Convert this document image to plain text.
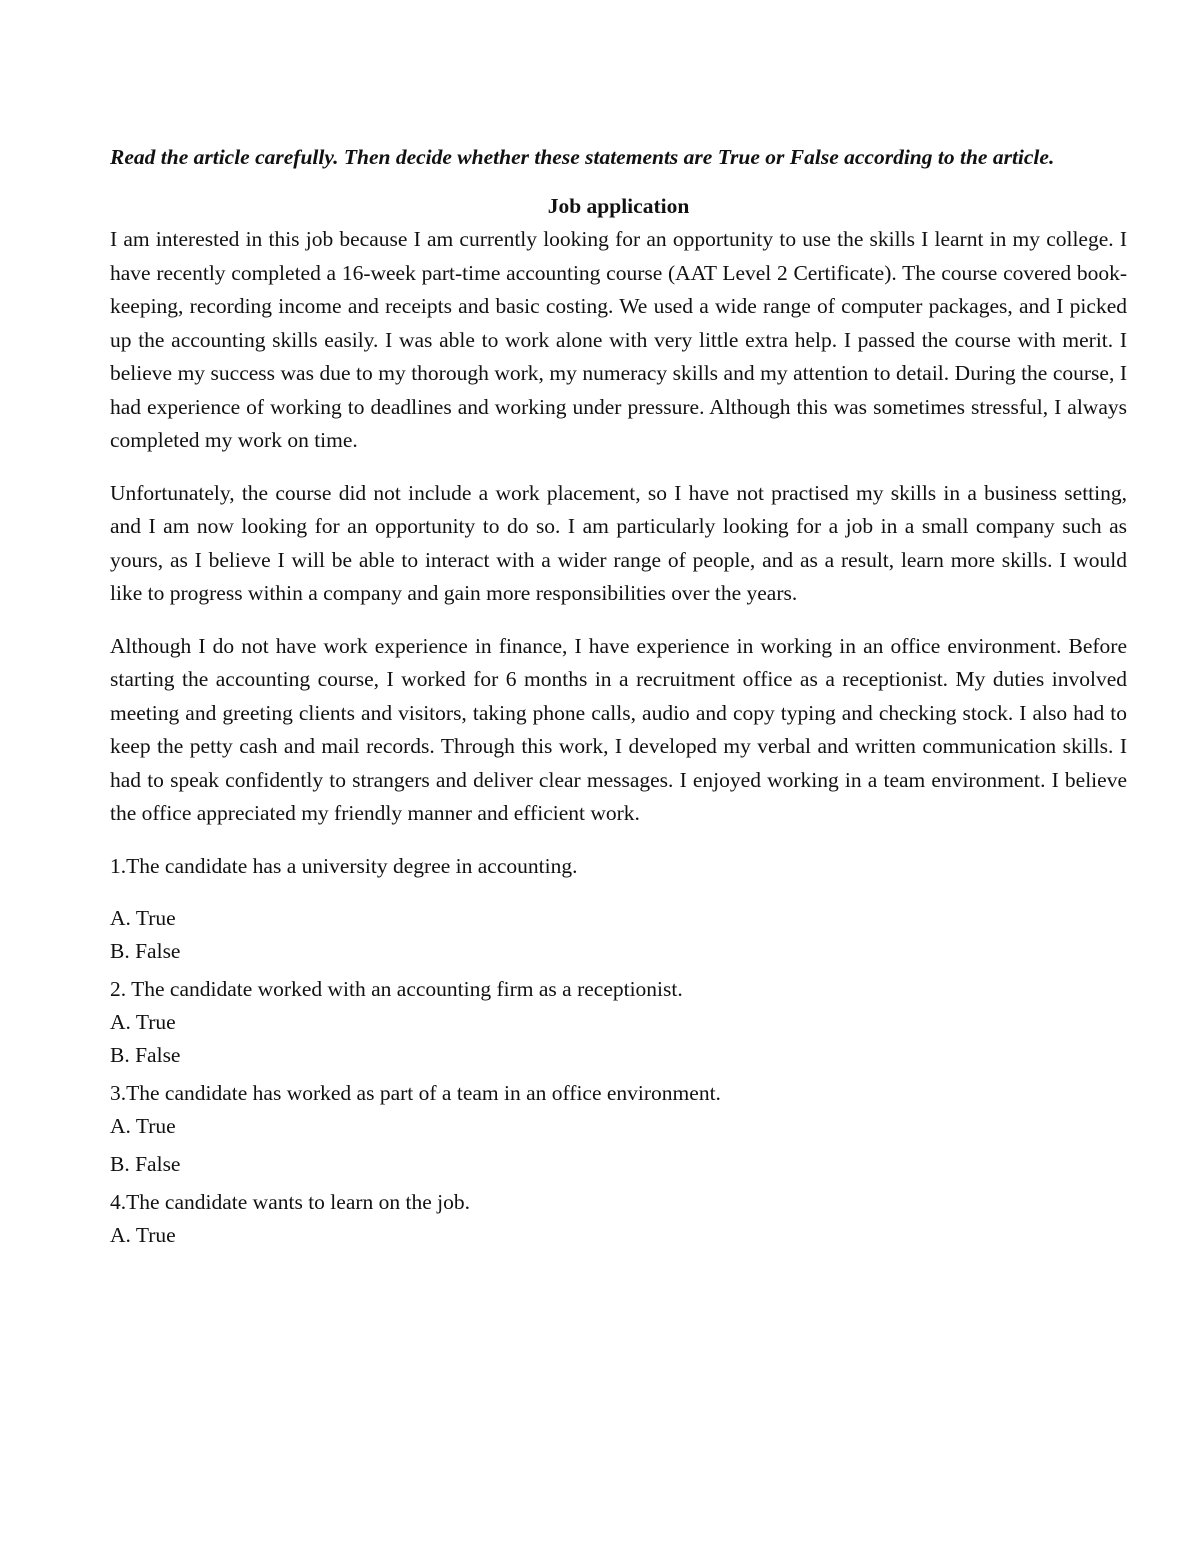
Read the article carefully. Then decide whether these statements are True or False according to the article.

Job application

I am interested in this job because I am currently looking for an opportunity to use the skills I learnt in my college. I have recently completed a 16-week part-time accounting course (AAT Level 2 Certificate). The course covered book-keeping, recording income and receipts and basic costing. We used a wide range of computer packages, and I picked up the accounting skills easily. I was able to work alone with very little extra help. I passed the course with merit. I believe my success was due to my thorough work, my numeracy skills and my attention to detail. During the course, I had experience of working to deadlines and working under pressure. Although this was sometimes stressful, I always completed my work on time.

Unfortunately, the course did not include a work placement, so I have not practised my skills in a business setting, and I am now looking for an opportunity to do so. I am particularly looking for a job in a small company such as yours, as I believe I will be able to interact with a wider range of people, and as a result, learn more skills. I would like to progress within a company and gain more responsibilities over the years.

Although I do not have work experience in finance, I have experience in working in an office environment. Before starting the accounting course, I worked for 6 months in a recruitment office as a receptionist. My duties involved meeting and greeting clients and visitors, taking phone calls, audio and copy typing and checking stock. I also had to keep the petty cash and mail records. Through this work, I developed my verbal and written communication skills. I had to speak confidently to strangers and deliver clear messages. I enjoyed working in a team environment. I believe the office appreciated my friendly manner and efficient work.

1.The candidate has a university degree in accounting.

A. True

B. False

2. The candidate worked with an accounting firm as a receptionist.

A. True

B. False

3.The candidate has worked as part of a team in an office environment.

A. True

B. False

4.The candidate wants to learn on the job.

A. True
